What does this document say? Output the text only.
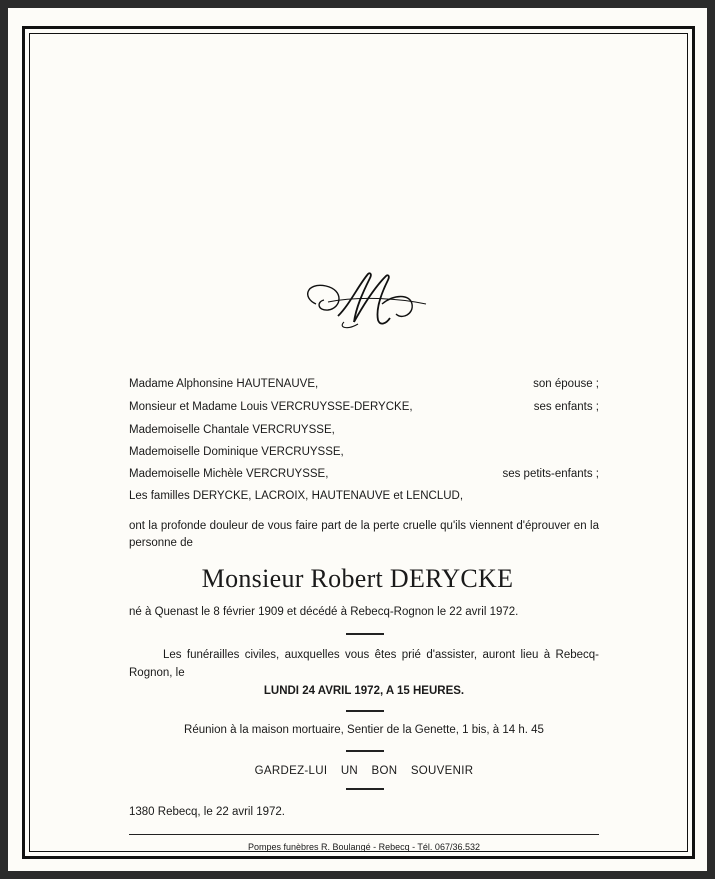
Madame Alphonsine HAUTENAUVE,	son épouse ;
Monsieur et Madame Louis VERCRUYSSE-DERYCKE,	ses enfants ;
Mademoiselle Chantale VERCRUYSSE,
Mademoiselle Dominique VERCRUYSSE,
Mademoiselle Michèle VERCRUYSSE,	ses petits-enfants ;
Les familles DERYCKE, LACROIX, HAUTENAUVE et LENCLUD,
ont la profonde douleur de vous faire part de la perte cruelle qu'ils viennent d'éprouver en la personne de
Monsieur Robert DERYCKE
né à Quenast le 8 février 1909 et décédé à Rebecq-Rognon le 22 avril 1972.
Les funérailles civiles, auxquelles vous êtes prié d'assister, auront lieu à Rebecq-Rognon, le
LUNDI 24 AVRIL 1972, A 15 HEURES.
Réunion à la maison mortuaire, Sentier de la Genette, 1 bis, à 14 h. 45
GARDEZ-LUI UN BON SOUVENIR
1380 Rebecq, le 22 avril 1972.
Pompes funèbres R. Boulangé - Rebecq - Tél. 067/36.532
